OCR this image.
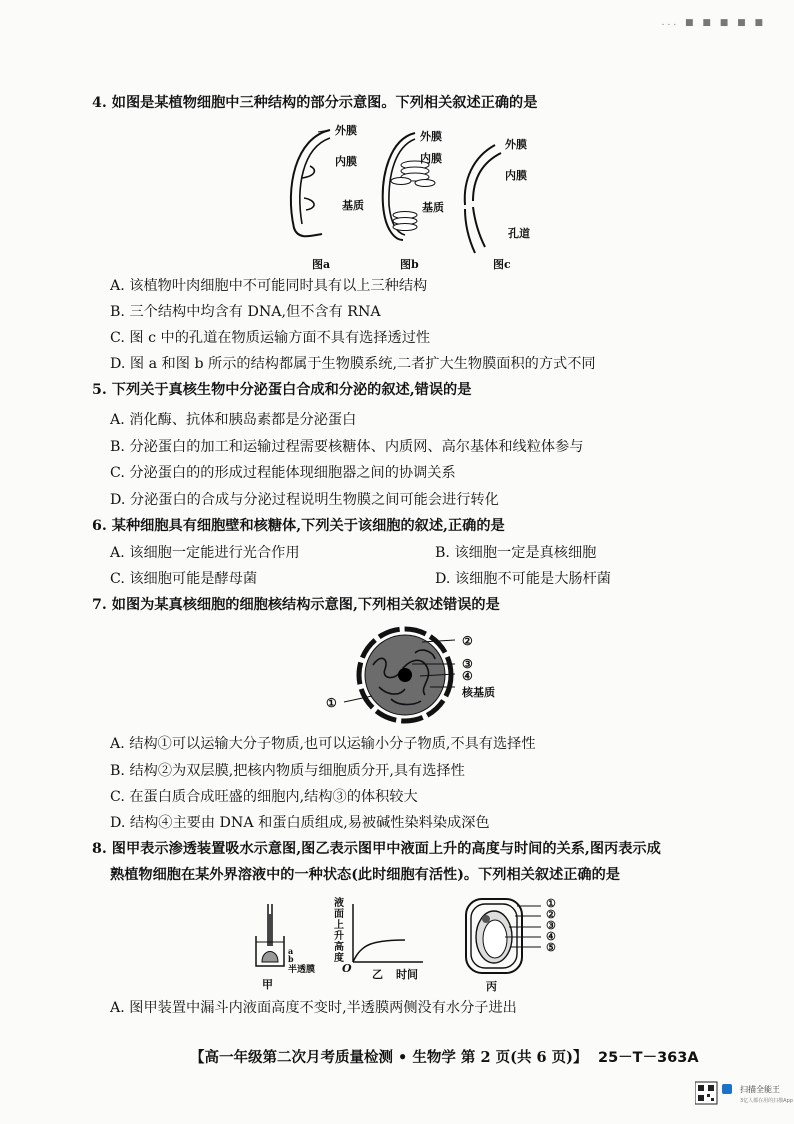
... ■ ■ ■ ■ ■
4. 如图是某植物细胞中三种结构的部分示意图。下列相关叙述正确的是
外膜
内膜
基质
图a
外膜
内膜
基质
图b
外膜
内膜
孔道
图c
A. 该植物叶肉细胞中不可能同时具有以上三种结构
B. 三个结构中均含有 DNA,但不含有 RNA
C. 图 c 中的孔道在物质运输方面不具有选择透过性
D. 图 a 和图 b 所示的结构都属于生物膜系统,二者扩大生物膜面积的方式不同
5. 下列关于真核生物中分泌蛋白合成和分泌的叙述,错误的是
A. 消化酶、抗体和胰岛素都是分泌蛋白
B. 分泌蛋白的加工和运输过程需要核糖体、内质网、高尔基体和线粒体参与
C. 分泌蛋白的的形成过程能体现细胞器之间的协调关系
D. 分泌蛋白的合成与分泌过程说明生物膜之间可能会进行转化
6. 某种细胞具有细胞壁和核糖体,下列关于该细胞的叙述,正确的是
A. 该细胞一定能进行光合作用	B. 该细胞一定是真核细胞
C. 该细胞可能是酵母菌	D. 该细胞不可能是大肠杆菌
7. 如图为某真核细胞的细胞核结构示意图,下列相关叙述错误的是
②
③
④
核基质
①
A. 结构①可以运输大分子物质,也可以运输小分子物质,不具有选择性
B. 结构②为双层膜,把核内物质与细胞质分开,具有选择性
C. 在蛋白质合成旺盛的细胞内,结构③的体积较大
D. 结构④主要由 DNA 和蛋白质组成,易被碱性染料染成深色
8. 图甲表示渗透装置吸水示意图,图乙表示图甲中液面上升的高度与时间的关系,图丙表示成
熟植物细胞在某外界溶液中的一种状态(此时细胞有活性)。下列相关叙述正确的是
a
b
半透膜
甲
液面上升高度
O	时间
乙
①
②
③
④
⑤
丙
A. 图甲装置中漏斗内液面高度不变时,半透膜两侧没有水分子进出
【高一年级第二次月考质量检测 • 生物学 第 2 页(共 6 页)】 25－T－363A
扫描全能王
3亿人都在用的扫描App
